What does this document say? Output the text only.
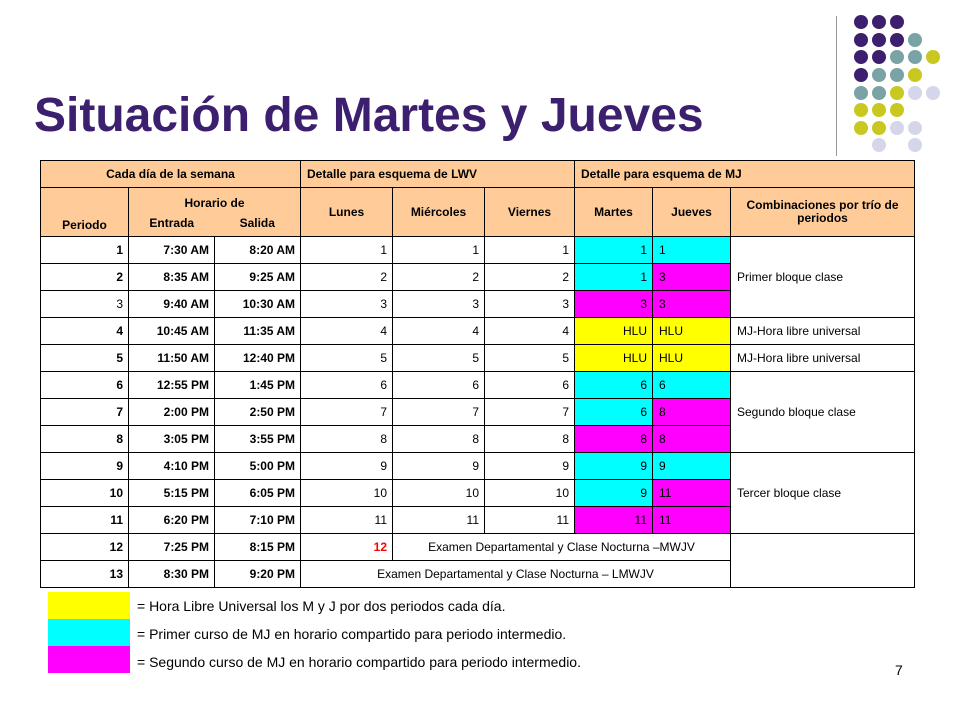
Situación de Martes y Jueves
Cada día de la semana			Detalle para esquema de LWV			Detalle para esquema de MJ		
Periodo	Horario de		Lunes	Miércoles	Viernes	Martes	Jueves	Combinaciones por trío de periodos
	Entrada	Salida						
1	7:30 AM	8:20 AM	1	1	1	1	1	Primer bloque clase
2	8:35 AM	9:25 AM	2	2	2	1	3	
3	9:40 AM	10:30 AM	3	3	3	3	3	
4	10:45 AM	11:35 AM	4	4	4	HLU	HLU	MJ-Hora libre universal
5	11:50 AM	12:40 PM	5	5	5	HLU	HLU	MJ-Hora libre universal
6	12:55 PM	1:45 PM	6	6	6	6	6	Segundo bloque clase
7	2:00 PM	2:50 PM	7	7	7	6	8	
8	3:05 PM	3:55 PM	8	8	8	8	8	
9	4:10 PM	5:00 PM	9	9	9	9	9	Tercer bloque clase
10	5:15 PM	6:05 PM	10	10	10	9	11	
11	6:20 PM	7:10 PM	11	11	11	11	11	
12	7:25 PM	8:15 PM	12	Examen Departamental y Clase Nocturna –MWJV				
13	8:30 PM	9:20 PM	Examen Departamental y Clase Nocturna – LMWJV					
= Hora Libre Universal los M y J por dos periodos cada día.
= Primer curso de MJ en horario compartido para periodo intermedio.
= Segundo curso de MJ en horario compartido para periodo intermedio.	7
